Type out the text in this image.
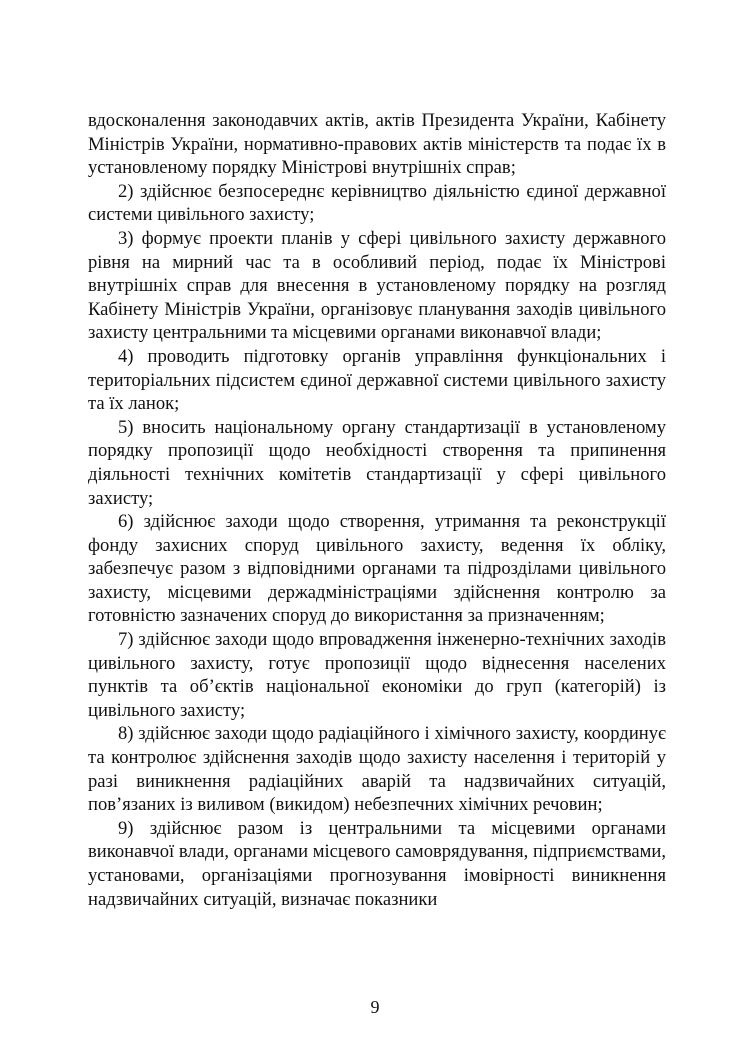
вдосконалення законодавчих актів, актів Президента України, Кабінету Міністрів України, нормативно-правових актів міністерств та подає їх в установленому порядку Міністрові внутрішніх справ;

2) здійснює безпосереднє керівництво діяльністю єдиної державної системи цивільного захисту;

3) формує проекти планів у сфері цивільного захисту державного рівня на мирний час та в особливий період, подає їх Міністрові внутрішніх справ для внесення в установленому порядку на розгляд Кабінету Міністрів України, організовує планування заходів цивільного захисту центральними та місцевими органами виконавчої влади;

4) проводить підготовку органів управління функціональних і територіальних підсистем єдиної державної системи цивільного захисту та їх ланок;

5) вносить національному органу стандартизації в установленому порядку пропозиції щодо необхідності створення та припинення діяльності технічних комітетів стандартизації у сфері цивільного захисту;

6) здійснює заходи щодо створення, утримання та реконструкції фонду захисних споруд цивільного захисту, ведення їх обліку, забезпечує разом з відповідними органами та підрозділами цивільного захисту, місцевими держадміністраціями здійснення контролю за готовністю зазначених споруд до використання за призначенням;

7) здійснює заходи щодо впровадження інженерно-технічних заходів цивільного захисту, готує пропозиції щодо віднесення населених пунктів та об’єктів національної економіки до груп (категорій) із цивільного захисту;

8) здійснює заходи щодо радіаційного і хімічного захисту, координує та контролює здійснення заходів щодо захисту населення і територій у разі виникнення радіаційних аварій та надзвичайних ситуацій, пов’язаних із виливом (викидом) небезпечних хімічних речовин;

9) здійснює разом із центральними та місцевими органами виконавчої влади, органами місцевого самоврядування, підприємствами, установами, організаціями прогнозування імовірності виникнення надзвичайних ситуацій, визначає показники

9
